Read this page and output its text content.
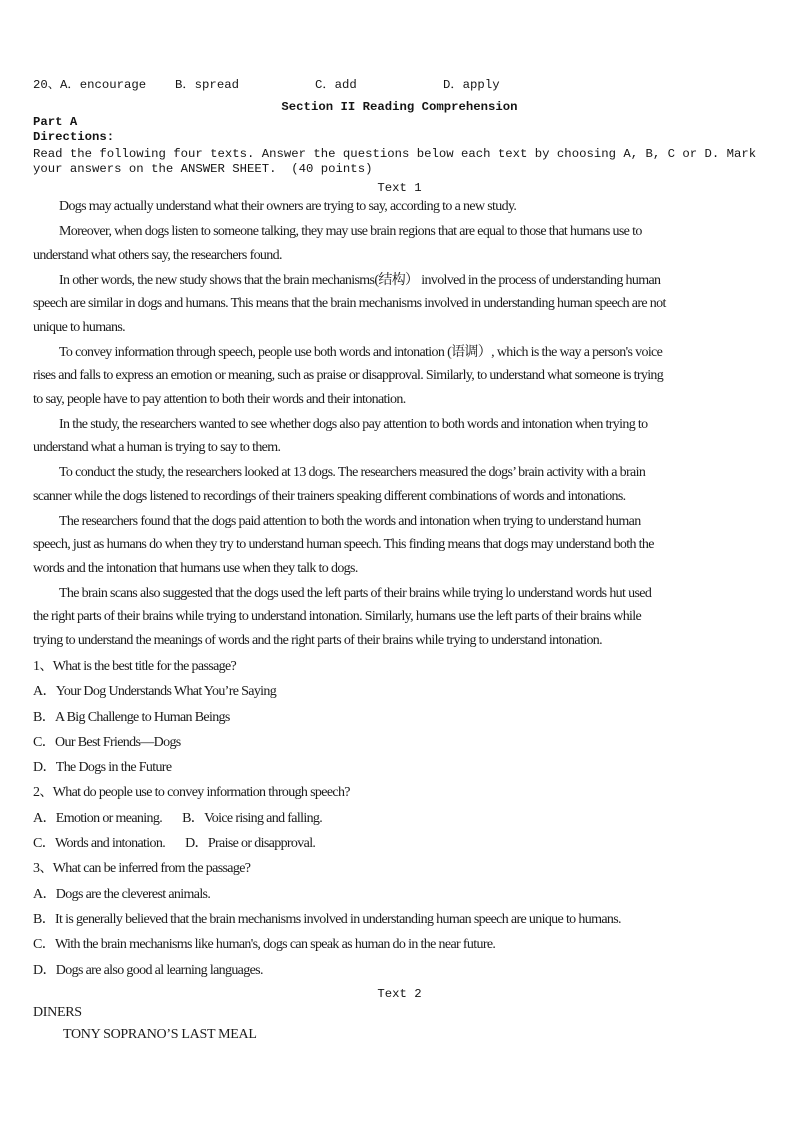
20、A．encourage B．spread	C．add	D．apply
Section II Reading Comprehension
Part A
Directions:
Read the following four texts. Answer the questions below each text by choosing A, B, C or D. Mark
your answers on the ANSWER SHEET.  (40 points)
Text 1
Dogs may actually understand what their owners are trying to say, according to a new study.
Moreover, when dogs listen to someone talking, they may use brain regions that are equal to those that humans use to
understand what others say, the researchers found.
In other words, the new study shows that the brain mechanisms(结构） involved in the process of understanding human
speech are similar in dogs and humans. This means that the brain mechanisms involved in understanding human speech are not
unique to humans.
To convey information through speech, people use both words and intonation (语调）, which is the way a person's voice
rises and falls to express an emotion or meaning, such as praise or disapproval. Similarly, to understand what someone is trying
to say, people have to pay attention to both their words and their intonation.
In the study, the researchers wanted to see whether dogs also pay attention to both words and intonation when trying to
understand what a human is trying to say to them.
To conduct the study, the researchers looked at 13 dogs. The researchers measured the dogs’ brain activity with a brain
scanner while the dogs listened to recordings of their trainers speaking different combinations of words and intonations.
The researchers found that the dogs paid attention to both the words and intonation when trying to understand human
speech, just as humans do when they try to understand human speech. This finding means that dogs may understand both the
words and the intonation that humans use when they talk to dogs.
The brain scans also suggested that the dogs used the left parts of their brains while trying lo understand words hut used
the right parts of their brains while trying to understand intonation. Similarly, humans use the left parts of their brains while
trying to understand the meanings of words and the right parts of their brains while trying to understand intonation.
1、What is the best title for the passage?
A．Your Dog Understands What You’re Saying
B．A Big Challenge to Human Beings
C．Our Best Friends—Dogs
D．The Dogs in the Future
2、What do people use to convey information through speech?
A．Emotion or meaning. B．Voice rising and falling.
C．Words and intonation. D．Praise or disapproval.
3、What can be inferred from the passage?
A．Dogs are the cleverest animals.
B．It is generally believed that the brain mechanisms involved in understanding human speech are unique to humans.
C．With the brain mechanisms like human's, dogs can speak as human do in the near future.
D．Dogs are also good al learning languages.
Text 2
DINERS
TONY SOPRANO’S LAST MEAL
